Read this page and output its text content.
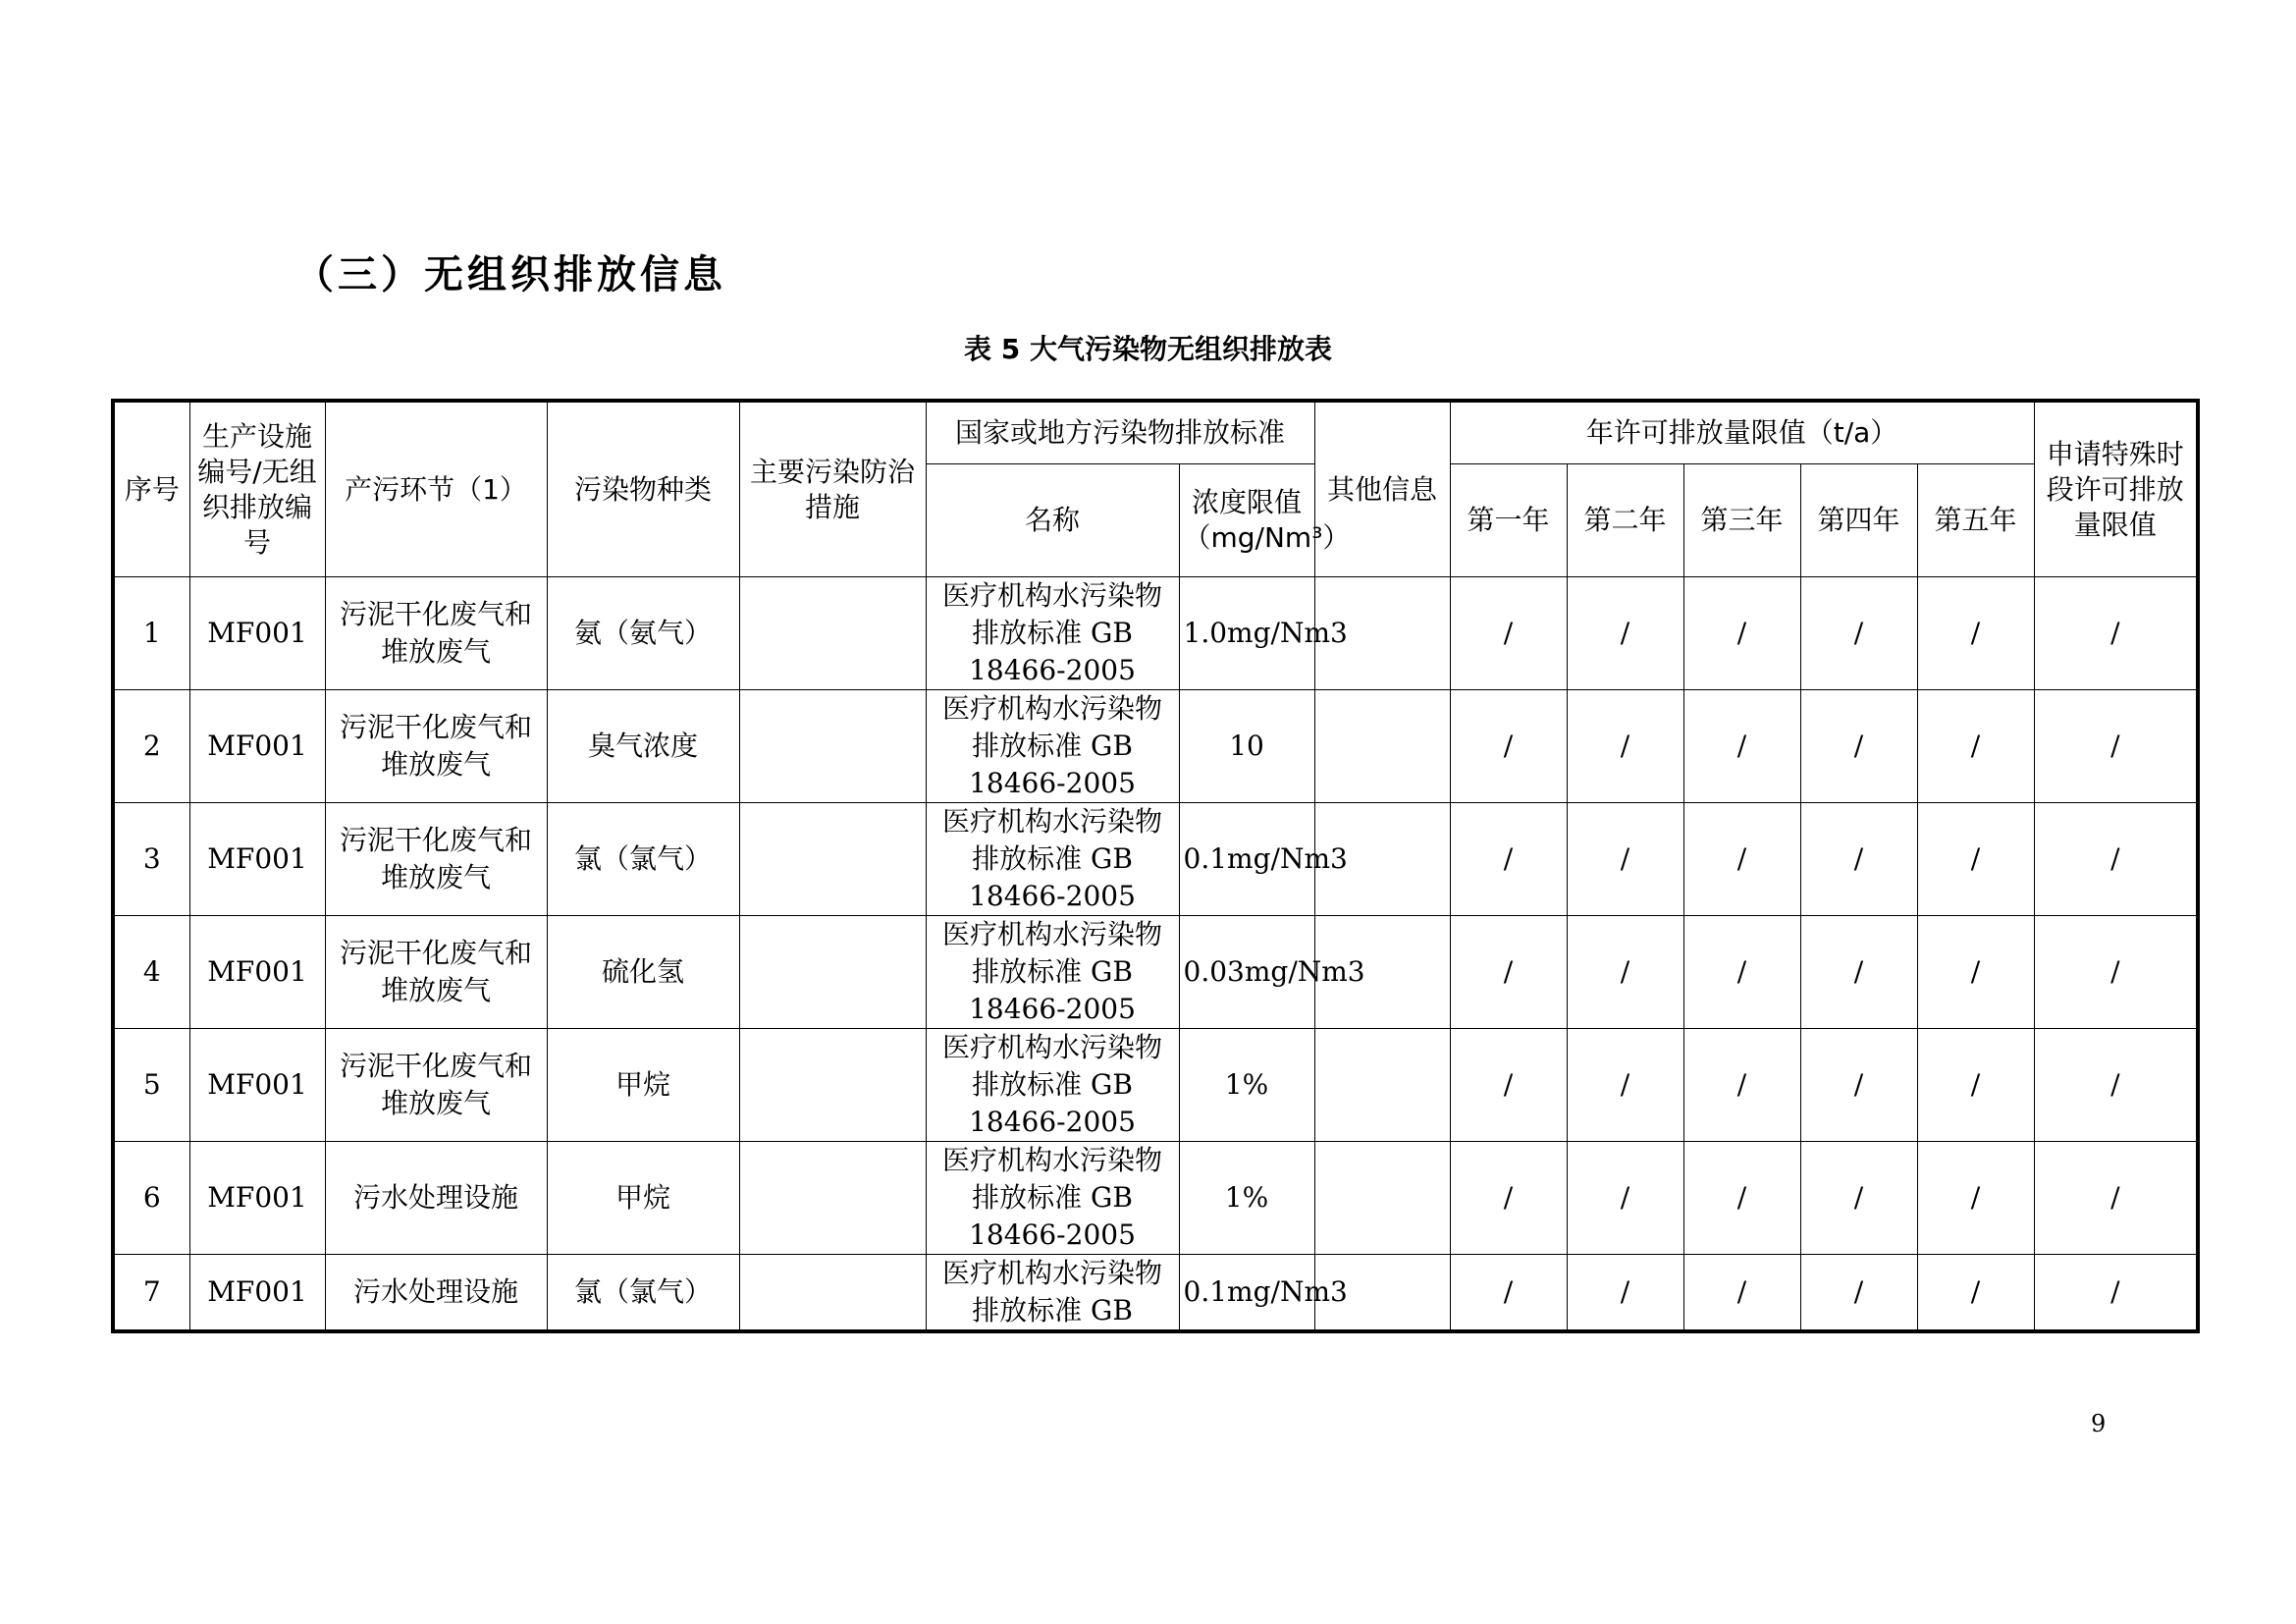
（三）无组织排放信息
表 5 大气污染物无组织排放表
序号	生产设施编号/无组织排放编号	产污环节（1）	污染物种类	主要污染防治措施	国家或地方污染物排放标准		其他信息	年许可排放量限值（t/a）					申请特殊时段许可排放量限值
					名称	浓度限值（mg/Nm³）		第一年	第二年	第三年	第四年	第五年	
1	MF001	污泥干化废气和堆放废气	氨（氨气）		医疗机构水污染物排放标准 GB 18466-2005	1.0mg/Nm3		/	/	/	/	/	/
2	MF001	污泥干化废气和堆放废气	臭气浓度		医疗机构水污染物排放标准 GB 18466-2005	10		/	/	/	/	/	/
3	MF001	污泥干化废气和堆放废气	氯（氯气）		医疗机构水污染物排放标准 GB 18466-2005	0.1mg/Nm3		/	/	/	/	/	/
4	MF001	污泥干化废气和堆放废气	硫化氢		医疗机构水污染物排放标准 GB 18466-2005	0.03mg/Nm3		/	/	/	/	/	/
5	MF001	污泥干化废气和堆放废气	甲烷		医疗机构水污染物排放标准 GB 18466-2005	1%		/	/	/	/	/	/
6	MF001	污水处理设施	甲烷		医疗机构水污染物排放标准 GB 18466-2005	1%		/	/	/	/	/	/
7	MF001	污水处理设施	氯（氯气）		医疗机构水污染物排放标准 GB	0.1mg/Nm3		/	/	/	/	/	/
9
